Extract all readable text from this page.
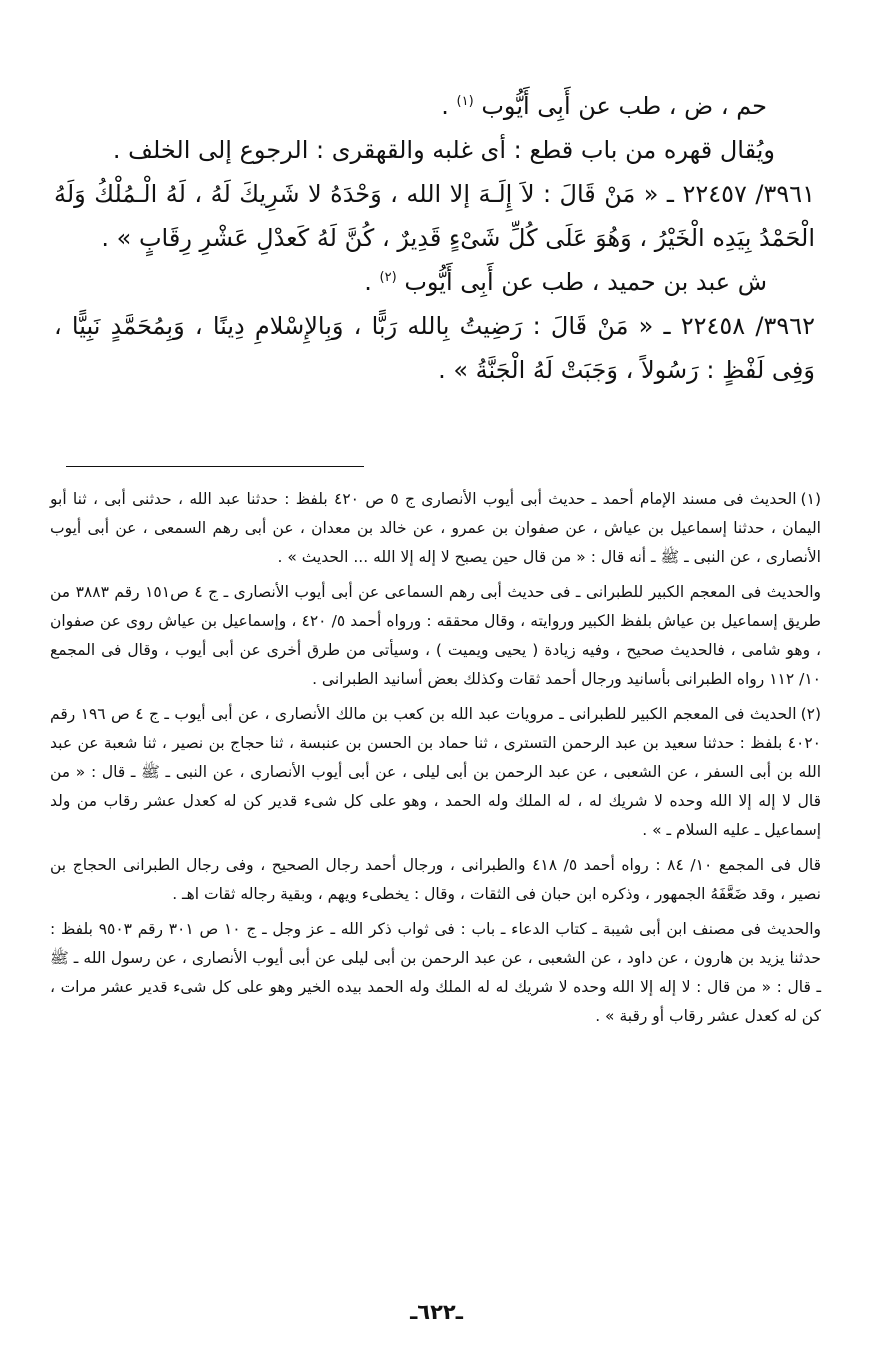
حم ، ض ، طب عن أَبِى أَيُّوب $^{(١)}$ .

ويُقال قهره من باب قطع : أى غلبه والقهقرى : الرجوع إلى الخلف .

٣٩٦١/ ٢٢٤٥٧ ـ « مَنْ قَالَ : لاَ إِلَـهَ إلا الله ، وَحْدَهُ لا شَرِيكَ لَهُ ، لَهُ الْـمُلْكُ وَلَهُ الْحَمْدُ بِيَدِه الْخَيْرُ ، وَهُوَ عَلَى كُلِّ شَىْءٍ قَدِيرٌ ، كُنَّ لَهُ كَعدْلِ عَشْرِ رِقَابٍ » .

ش عبد بن حميد ، طب عن أَبِى أَيُّوب $^{(٢)}$ .

٣٩٦٢/ ٢٢٤٥٨ ـ « مَنْ قَالَ : رَضِيتُ بِالله رَبًّا ، وَبِالإِسْلامِ دِينًا ، وَبِمُحَمَّدٍ نَبِيًّا ، وَفِى لَفْظٍ : رَسُولاً ، وَجَبَتْ لَهُ الْجَنَّةُ » .

(١)الحديث فى مسند الإمام أحمد ـ حديث أبى أيوب الأنصارى ج ٥ ص ٤٢٠ بلفظ : حدثنا عبد الله ، حدثنى أبى ، ثنا أبو اليمان ، حدثنا إسماعيل بن عياش ، عن صفوان بن عمرو ، عن خالد بن معدان ، عن أبى رهم السمعى ، عن أبى أيوب الأنصارى ، عن النبى ـ ﷺ ـ أنه قال : « من قال حين يصبح لا إله إلا الله ... الحديث » .

والحديث فى المعجم الكبير للطبرانى ـ فى حديث أبى رهم السماعى عن أبى أيوب الأنصارى ـ ج ٤ ص١٥١ رقم ٣٨٨٣ من طريق إسماعيل بن عياش بلفظ الكبير وروايته ، وقال محققه : ورواه أحمد ٥/ ٤٢٠ ، وإسماعيل بن عياش روى عن صفوان ، وهو شامى ، فالحديث صحيح ، وفيه زيادة ( يحيى ويميت ) ، وسيأتى من طرق أخرى عن أبى أيوب ، وقال فى المجمع ١٠/ ١١٢ رواه الطبرانى بأسانيد ورجال أحمد ثقات وكذلك بعض أسانيد الطبرانى .

(٢)الحديث فى المعجم الكبير للطبرانى ـ مرويات عبد الله بن كعب بن مالك الأنصارى ، عن أبى أيوب ـ ج ٤ ص ١٩٦ رقم ٤٠٢٠ بلفظ : حدثنا سعيد بن عبد الرحمن التسترى ، ثنا حماد بن الحسن بن عنبسة ، ثنا حجاج بن نصير ، ثنا شعبة عن عبد الله بن أبى السفر ، عن الشعبى ، عن عبد الرحمن بن أبى ليلى ، عن أبى أيوب الأنصارى ، عن النبى ـ ﷺ ـ قال : « من قال لا إله إلا الله وحده لا شريك له ، له الملك وله الحمد ، وهو على كل شىء قدير كن له كعدل عشر رقاب من ولد إسماعيل ـ عليه السلام ـ » .

قال فى المجمع ١٠/ ٨٤ : رواه أحمد ٥/ ٤١٨ والطبرانى ، ورجال أحمد رجال الصحيح ، وفى رجال الطبرانى الحجاج بن نصير ، وقد ضَعَّفَهُ الجمهور ، وذكره ابن حبان فى الثقات ، وقال : يخطىء ويهم ، وبقية رجاله ثقات اهـ .

والحديث فى مصنف ابن أبى شيبة ـ كتاب الدعاء ـ باب : فى ثواب ذكر الله ـ عز وجل ـ ج ١٠ ص ٣٠١ رقم ٩٥٠٣ بلفظ : حدثنا يزيد بن هارون ، عن داود ، عن الشعبى ، عن عبد الرحمن بن أبى ليلى عن أبى أيوب الأنصارى ، عن رسول الله ـ ﷺ ـ قال : « من قال : لا إله إلا الله وحده لا شريك له له الملك وله الحمد بيده الخير وهو على كل شىء قدير عشر مرات ، كن له كعدل عشر رقاب أو رقبة » .

ـ٦٢٢ـ
